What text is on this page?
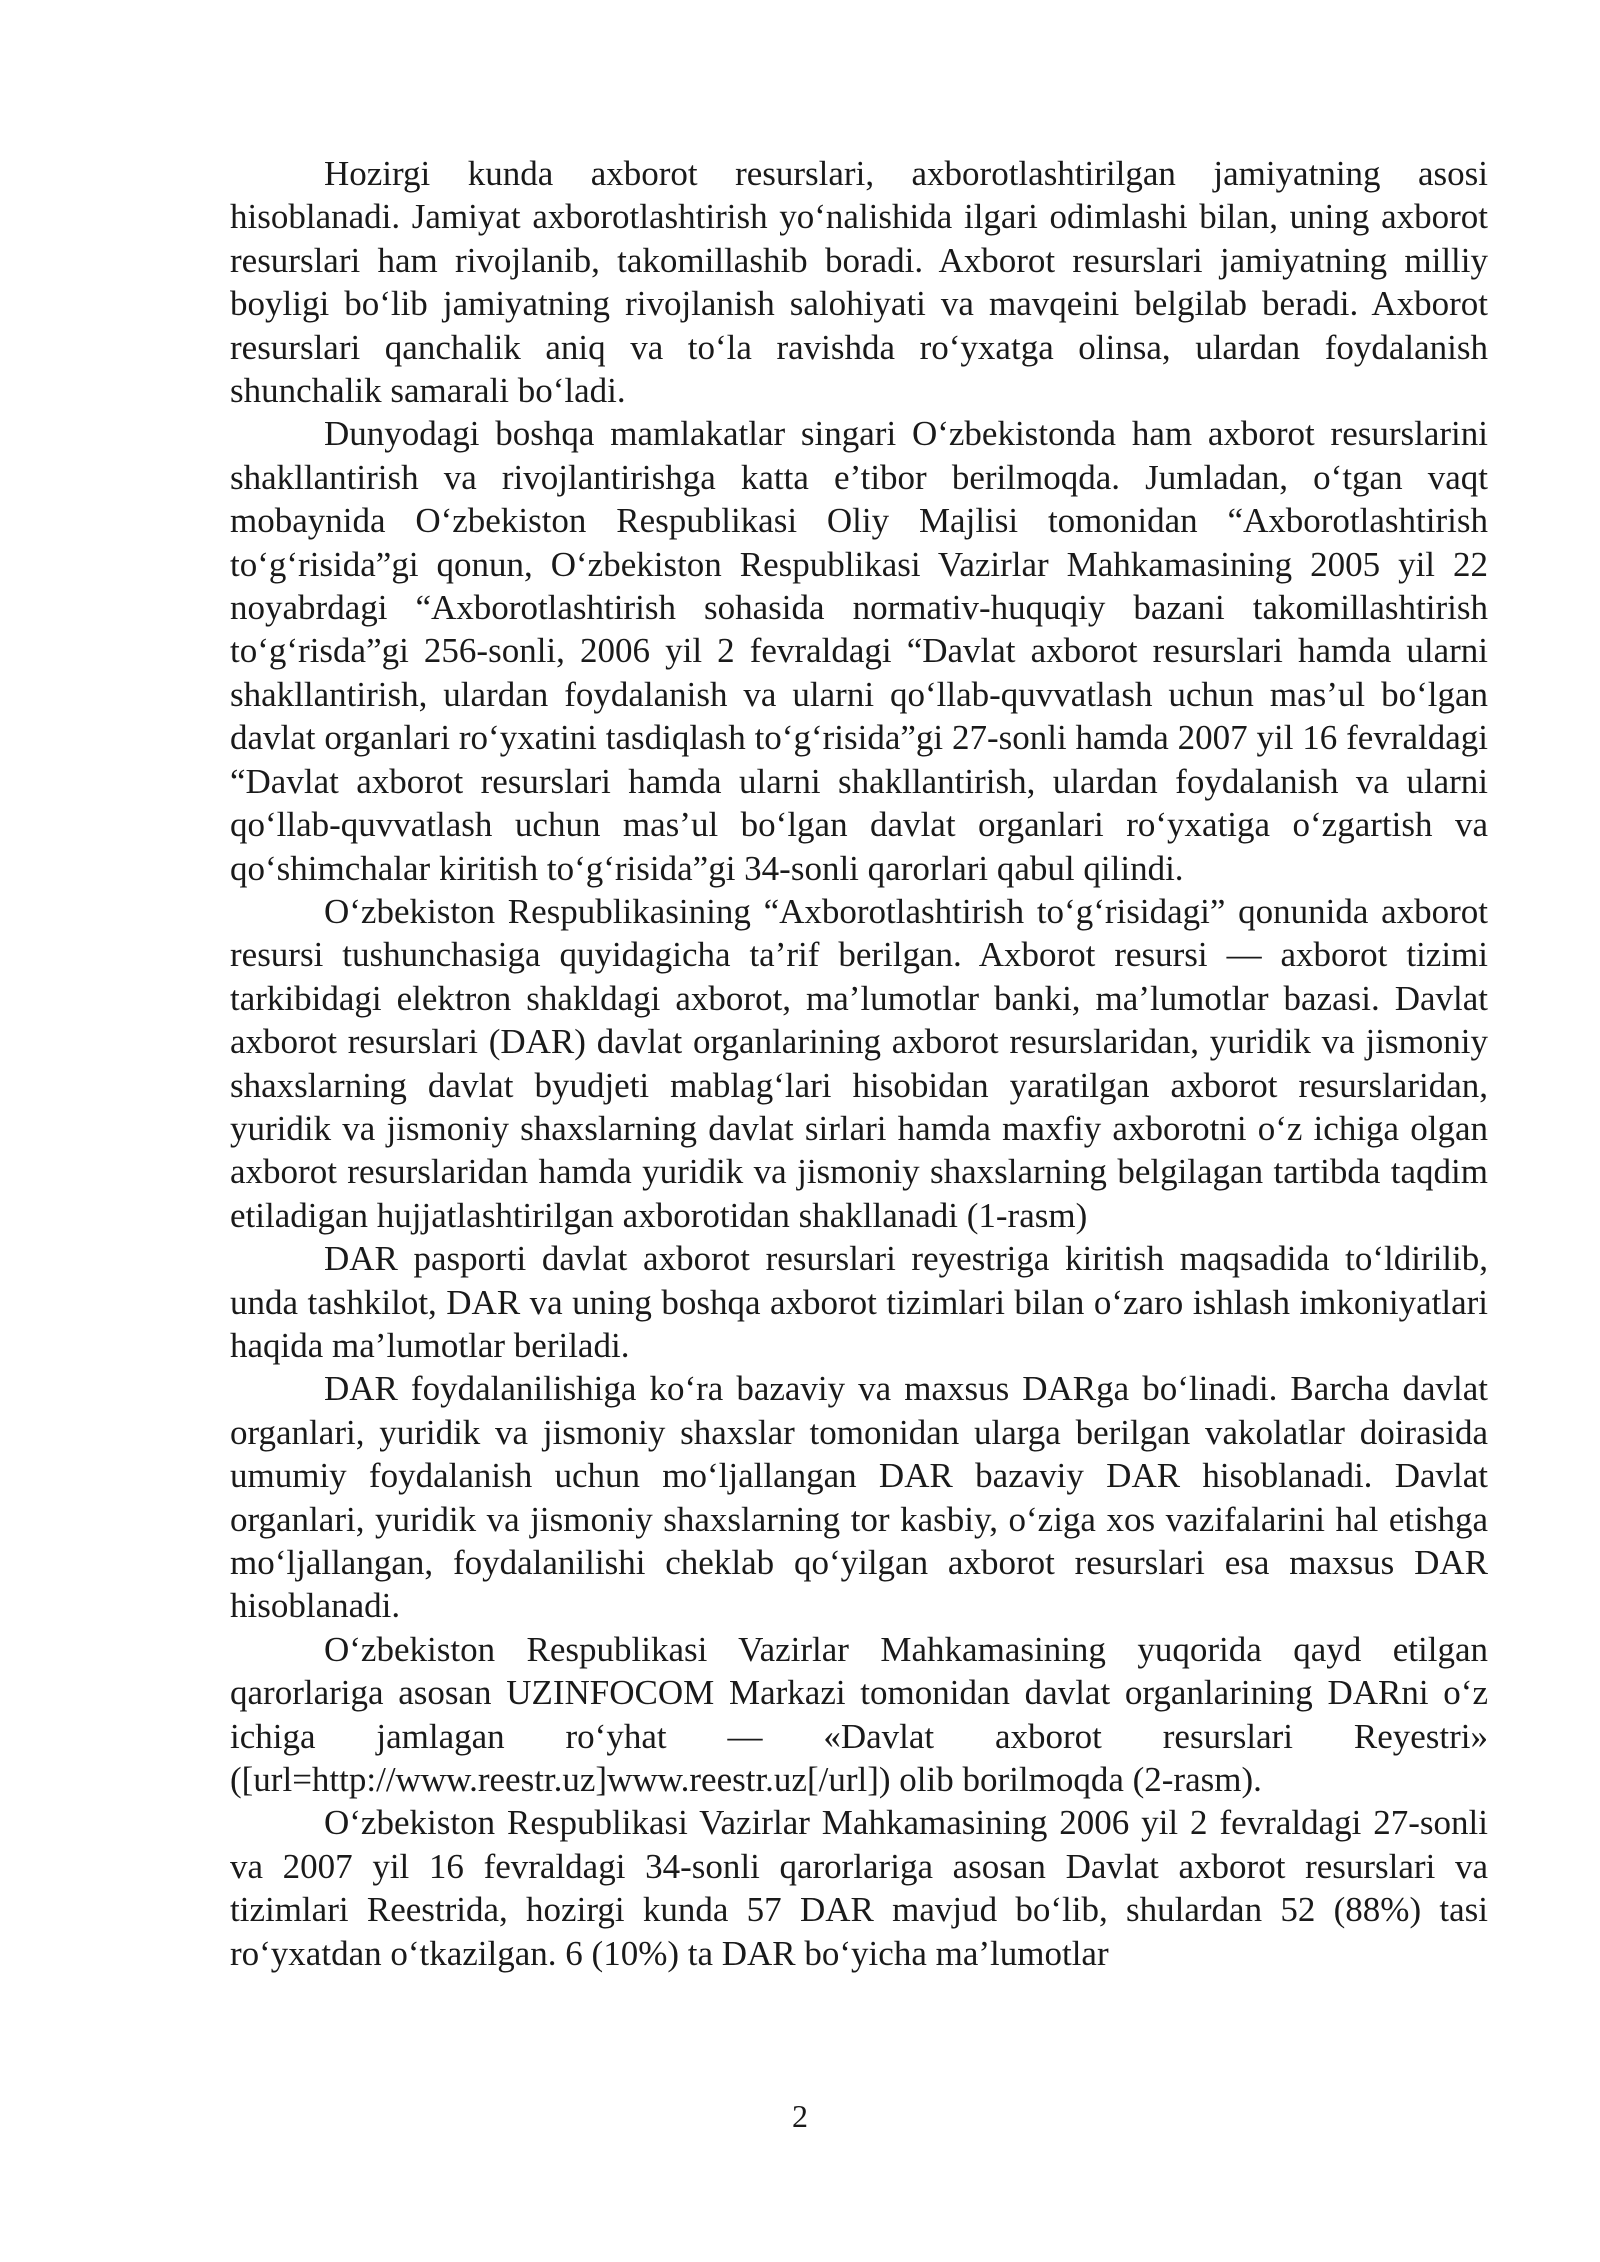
Hozirgi kunda axborot resurslari, axborotlashtirilgan jamiyatning asosi hisoblanadi. Jamiyat axborotlashtirish yo‘nalishida ilgari odimlashi bilan, uning axborot resurslari ham rivojlanib, takomillashib boradi. Axborot resurslari jamiyatning milliy boyligi bo‘lib jamiyatning rivojlanish salohiyati va mavqeini belgilab beradi. Axborot resurslari qanchalik aniq va to‘la ravishda ro‘yxatga olinsa, ulardan foydalanish shunchalik samarali bo‘ladi.

Dunyodagi boshqa mamlakatlar singari O‘zbekistonda ham axborot resurslarini shakllantirish va rivojlantirishga katta e’tibor berilmoqda. Jumladan, o‘tgan vaqt mobaynida O‘zbekiston Respublikasi Oliy Majlisi tomonidan “Axborotlashtirish to‘g‘risida”gi qonun, O‘zbekiston Respublikasi Vazirlar Mahkamasining 2005 yil 22 noyabrdagi “Axborotlashtirish sohasida normativ-huquqiy bazani takomillashtirish to‘g‘risda”gi 256-sonli, 2006 yil 2 fevraldagi “Davlat axborot resurslari hamda ularni shakllantirish, ulardan foydalanish va ularni qo‘llab-quvvatlash uchun mas’ul bo‘lgan davlat organlari ro‘yxatini tasdiqlash to‘g‘risida”gi 27-sonli hamda 2007 yil 16 fevraldagi “Davlat axborot resurslari hamda ularni shakllantirish, ulardan foydalanish va ularni qo‘llab-quvvatlash uchun mas’ul bo‘lgan davlat organlari ro‘yxatiga o‘zgartish va qo‘shimchalar kiritish to‘g‘risida”gi 34-sonli qarorlari qabul qilindi.

O‘zbekiston Respublikasining “Axborotlashtirish to‘g‘risidagi” qonunida axborot resursi tushunchasiga quyidagicha ta’rif berilgan. Axborot resursi — axborot tizimi tarkibidagi elektron shakldagi axborot, ma’lumotlar banki, ma’lumotlar bazasi. Davlat axborot resurslari (DAR) davlat organlarining axborot resurslaridan, yuridik va jismoniy shaxslarning davlat byudjeti mablag‘lari hisobidan yaratilgan axborot resurslaridan, yuridik va jismoniy shaxslarning davlat sirlari hamda maxfiy axborotni o‘z ichiga olgan axborot resurslaridan hamda yuridik va jismoniy shaxslarning belgilagan tartibda taqdim etiladigan hujjatlashtirilgan axborotidan shakllanadi (1-rasm)

DAR pasporti davlat axborot resurslari reyestriga kiritish maqsadida to‘ldirilib, unda tashkilot, DAR va uning boshqa axborot tizimlari bilan o‘zaro ishlash imkoniyatlari haqida ma’lumotlar beriladi.

DAR foydalanilishiga ko‘ra bazaviy va maxsus DARga bo‘linadi. Barcha davlat organlari, yuridik va jismoniy shaxslar tomonidan ularga berilgan vakolatlar doirasida umumiy foydalanish uchun mo‘ljallangan DAR bazaviy DAR hisoblanadi. Davlat organlari, yuridik va jismoniy shaxslarning tor kasbiy, o‘ziga xos vazifalarini hal etishga mo‘ljallangan, foydalanilishi cheklab qo‘yilgan axborot resurslari esa maxsus DAR hisoblanadi.

O‘zbekiston Respublikasi Vazirlar Mahkamasining yuqorida qayd etilgan qarorlariga asosan UZINFOCOM Markazi tomonidan davlat organlarining DARni o‘z ichiga jamlagan ro‘yhat — «Davlat axborot resurslari Reyestri» ([url=http://www.reestr.uz]www.reestr.uz[/url]) olib borilmoqda (2-rasm).

O‘zbekiston Respublikasi Vazirlar Mahkamasining 2006 yil 2 fevraldagi 27-sonli va 2007 yil 16 fevraldagi 34-sonli qarorlariga asosan Davlat axborot resurslari va tizimlari Reestrida, hozirgi kunda 57 DAR mavjud bo‘lib, shulardan 52 (88%) tasi ro‘yxatdan o‘tkazilgan. 6 (10%) ta DAR bo‘yicha ma’lumotlar

2
